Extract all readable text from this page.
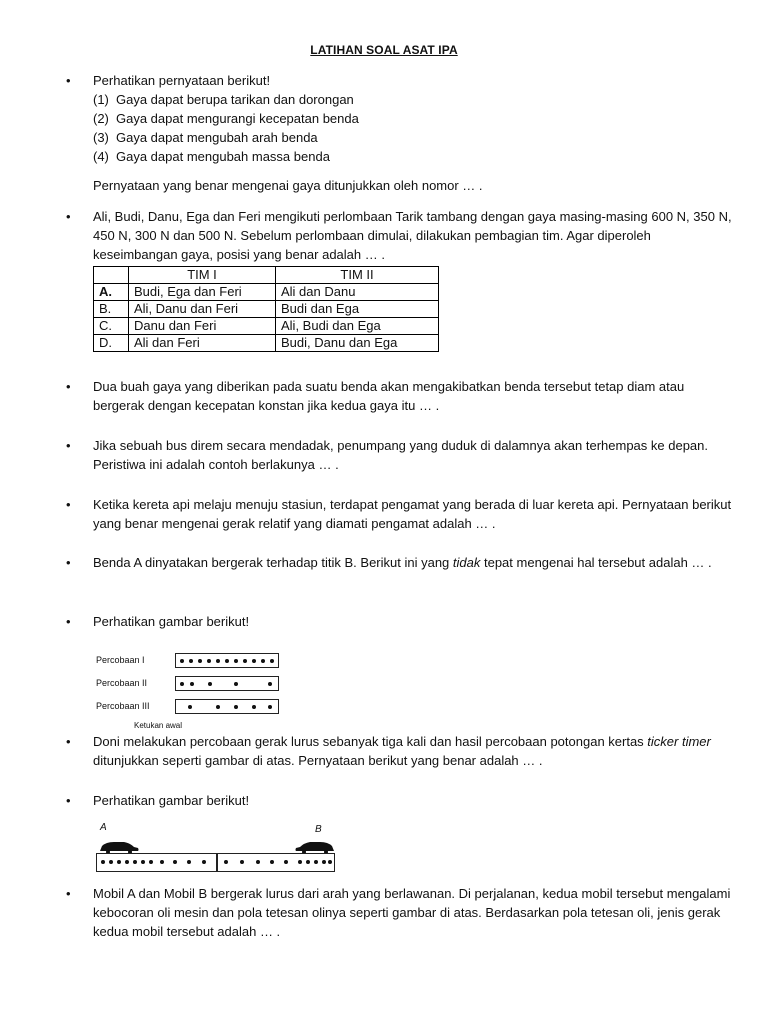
LATIHAN SOAL ASAT IPA

• Perhatikan pernyataan berikut!

(1) Gaya dapat berupa tarikan dan dorongan
(2) Gaya dapat mengurangi kecepatan benda
(3) Gaya dapat mengubah arah benda
(4) Gaya dapat mengubah massa benda

Pernyataan yang benar mengenai gaya ditunjukkan oleh nomor … .

• Ali, Budi, Danu, Ega dan Feri mengikuti perlombaan Tarik tambang dengan gaya masing-masing 600 N, 350 N, 450 N, 300 N dan 500 N. Sebelum perlombaan dimulai, dilakukan pembagian tim. Agar diperoleh keseimbangan gaya, posisi yang benar adalah … .

	TIM I	TIM II
A.	Budi, Ega dan Feri	Ali dan Danu
B.	Ali, Danu dan Feri	Budi dan Ega
C.	Danu dan Feri	Ali, Budi dan Ega
D.	Ali dan Feri	Budi, Danu dan Ega

• Dua buah gaya yang diberikan pada suatu benda akan mengakibatkan benda tersebut tetap diam atau bergerak dengan kecepatan konstan jika kedua gaya itu … .

• Jika sebuah bus direm secara mendadak, penumpang yang duduk di dalamnya akan terhempas ke depan. Peristiwa ini adalah contoh berlakunya … .

• Ketika kereta api melaju menuju stasiun, terdapat pengamat yang berada di luar kereta api. Pernyataan berikut yang benar mengenai gerak relatif yang diamati pengamat adalah … .

• Benda A dinyatakan bergerak terhadap titik B. Berikut ini yang tidak tepat mengenai hal tersebut adalah … .

• Perhatikan gambar berikut!

Percobaan I
Percobaan II
Percobaan III
Ketukan awal

• Doni melakukan percobaan gerak lurus sebanyak tiga kali dan hasil percobaan potongan kertas ticker timer ditunjukkan seperti gambar di atas. Pernyataan berikut yang benar adalah … .

• Perhatikan gambar berikut!

A	B

• Mobil A dan Mobil B bergerak lurus dari arah yang berlawanan. Di perjalanan, kedua mobil tersebut mengalami kebocoran oli mesin dan pola tetesan olinya seperti gambar di atas. Berdasarkan pola tetesan oli, jenis gerak kedua mobil tersebut adalah … .
